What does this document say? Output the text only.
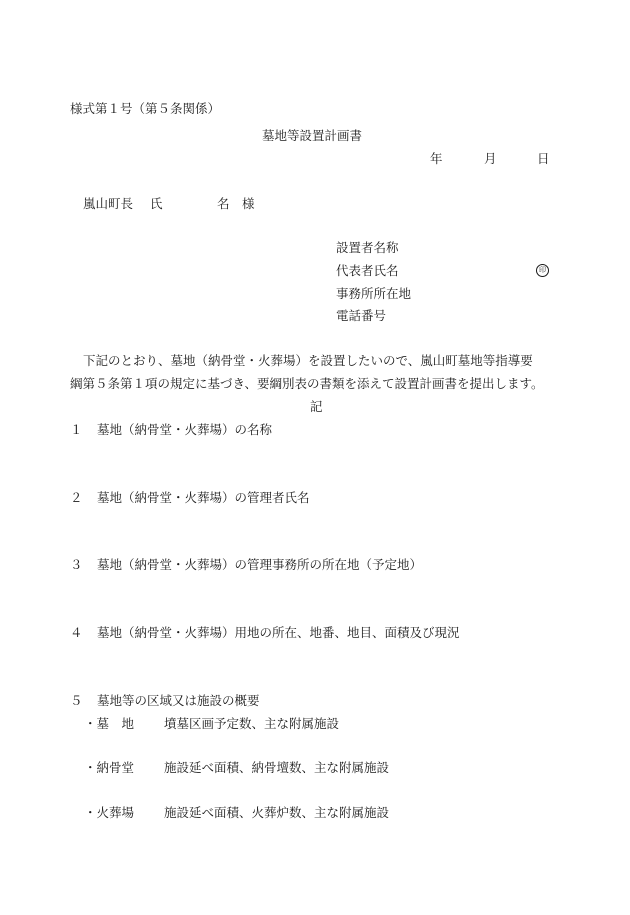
様式第１号（第５条関係）
墓地等設置計画書
年	月	日
嵐山町長 氏	名 様
設置者名称
代表者氏名	印
事務所所在地
電話番号
下記のとおり、墓地（納骨堂・火葬場）を設置したいので、嵐山町墓地等指導要
綱第５条第１項の規定に基づき、要綱別表の書類を添えて設置計画書を提出します。
記
１ 墓地（納骨堂・火葬場）の名称
２ 墓地（納骨堂・火葬場）の管理者氏名
３ 墓地（納骨堂・火葬場）の管理事務所の所在地（予定地）
４ 墓地（納骨堂・火葬場）用地の所在、地番、地目、面積及び現況
５ 墓地等の区域又は施設の概要
・墓　地 墳墓区画予定数、主な附属施設
・納骨堂 施設延べ面積、納骨壇数、主な附属施設
・火葬場 施設延べ面積、火葬炉数、主な附属施設
